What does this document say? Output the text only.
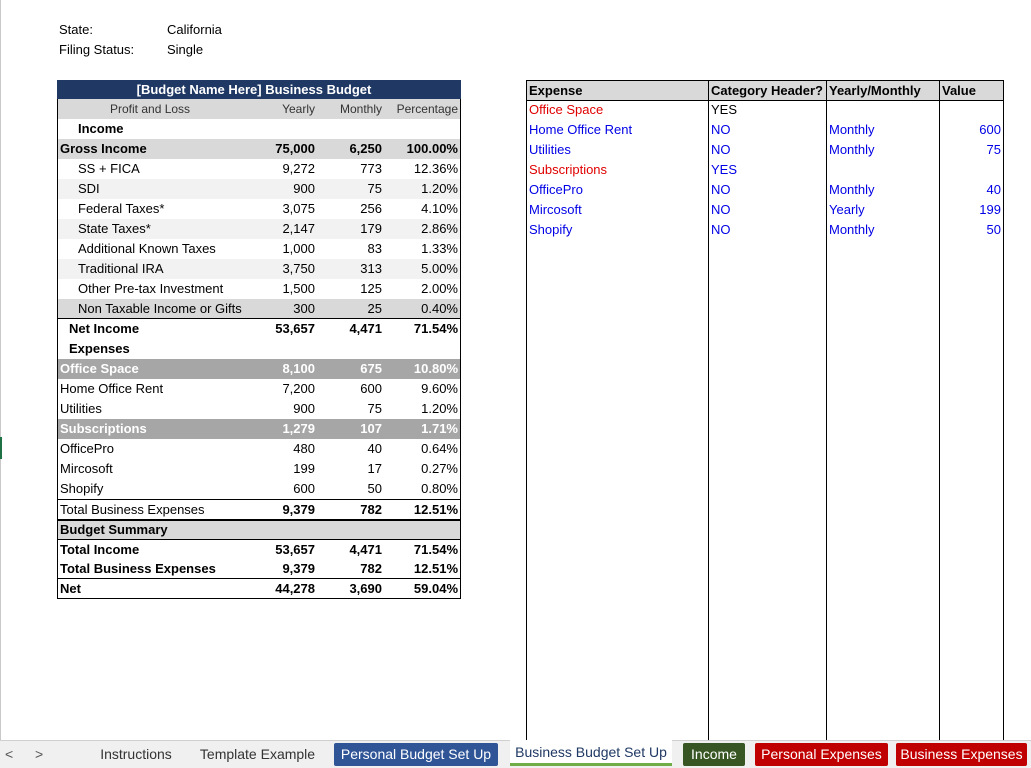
State:	California
Filing Status:	Single
[Budget Name Here] Business Budget
Profit and Loss	Yearly Monthly Percentage
Income
Gross Income	75,000	6,250 100.00%
SS + FICA	9,272	773 12.36%
SDI	900	75	1.20%
Federal Taxes*	3,075	256	4.10%
State Taxes*	2,147	179	2.86%
Additional Known Taxes	1,000	83	1.33%
Traditional IRA	3,750	313	5.00%
Other Pre-tax Investment	1,500	125	2.00%
Non Taxable Income or Gifts	300	25	0.40%
Net Income	53,657	4,471 71.54%
Expenses
Office Space	8,100	675 10.80%
Home Office Rent	7,200	600	9.60%
Utilities	900	75	1.20%
Subscriptions	1,279	107	1.71%
OfficePro	480	40	0.64%
Mircosoft	199	17	0.27%
Shopify	600	50	0.80%
Total Business Expenses	9,379	782 12.51%
Budget Summary
Total Income	53,657	4,471 71.54%
Total Business Expenses	9,379	782 12.51%
Net	44,278	3,690 59.04%
Expense	Category Header? Yearly/Monthly Value
Office Space	YES
Home Office Rent	NO	Monthly	600
Utilities	NO	Monthly	75
Subscriptions	YES
OfficePro	NO	Monthly	40
Mircosoft	NO	Yearly	199
Shopify	NO	Monthly	50
< >	Instructions	Template Example	Personal Budget Set Up	Business Budget Set Up	Income	Personal Expenses	Business Expenses
